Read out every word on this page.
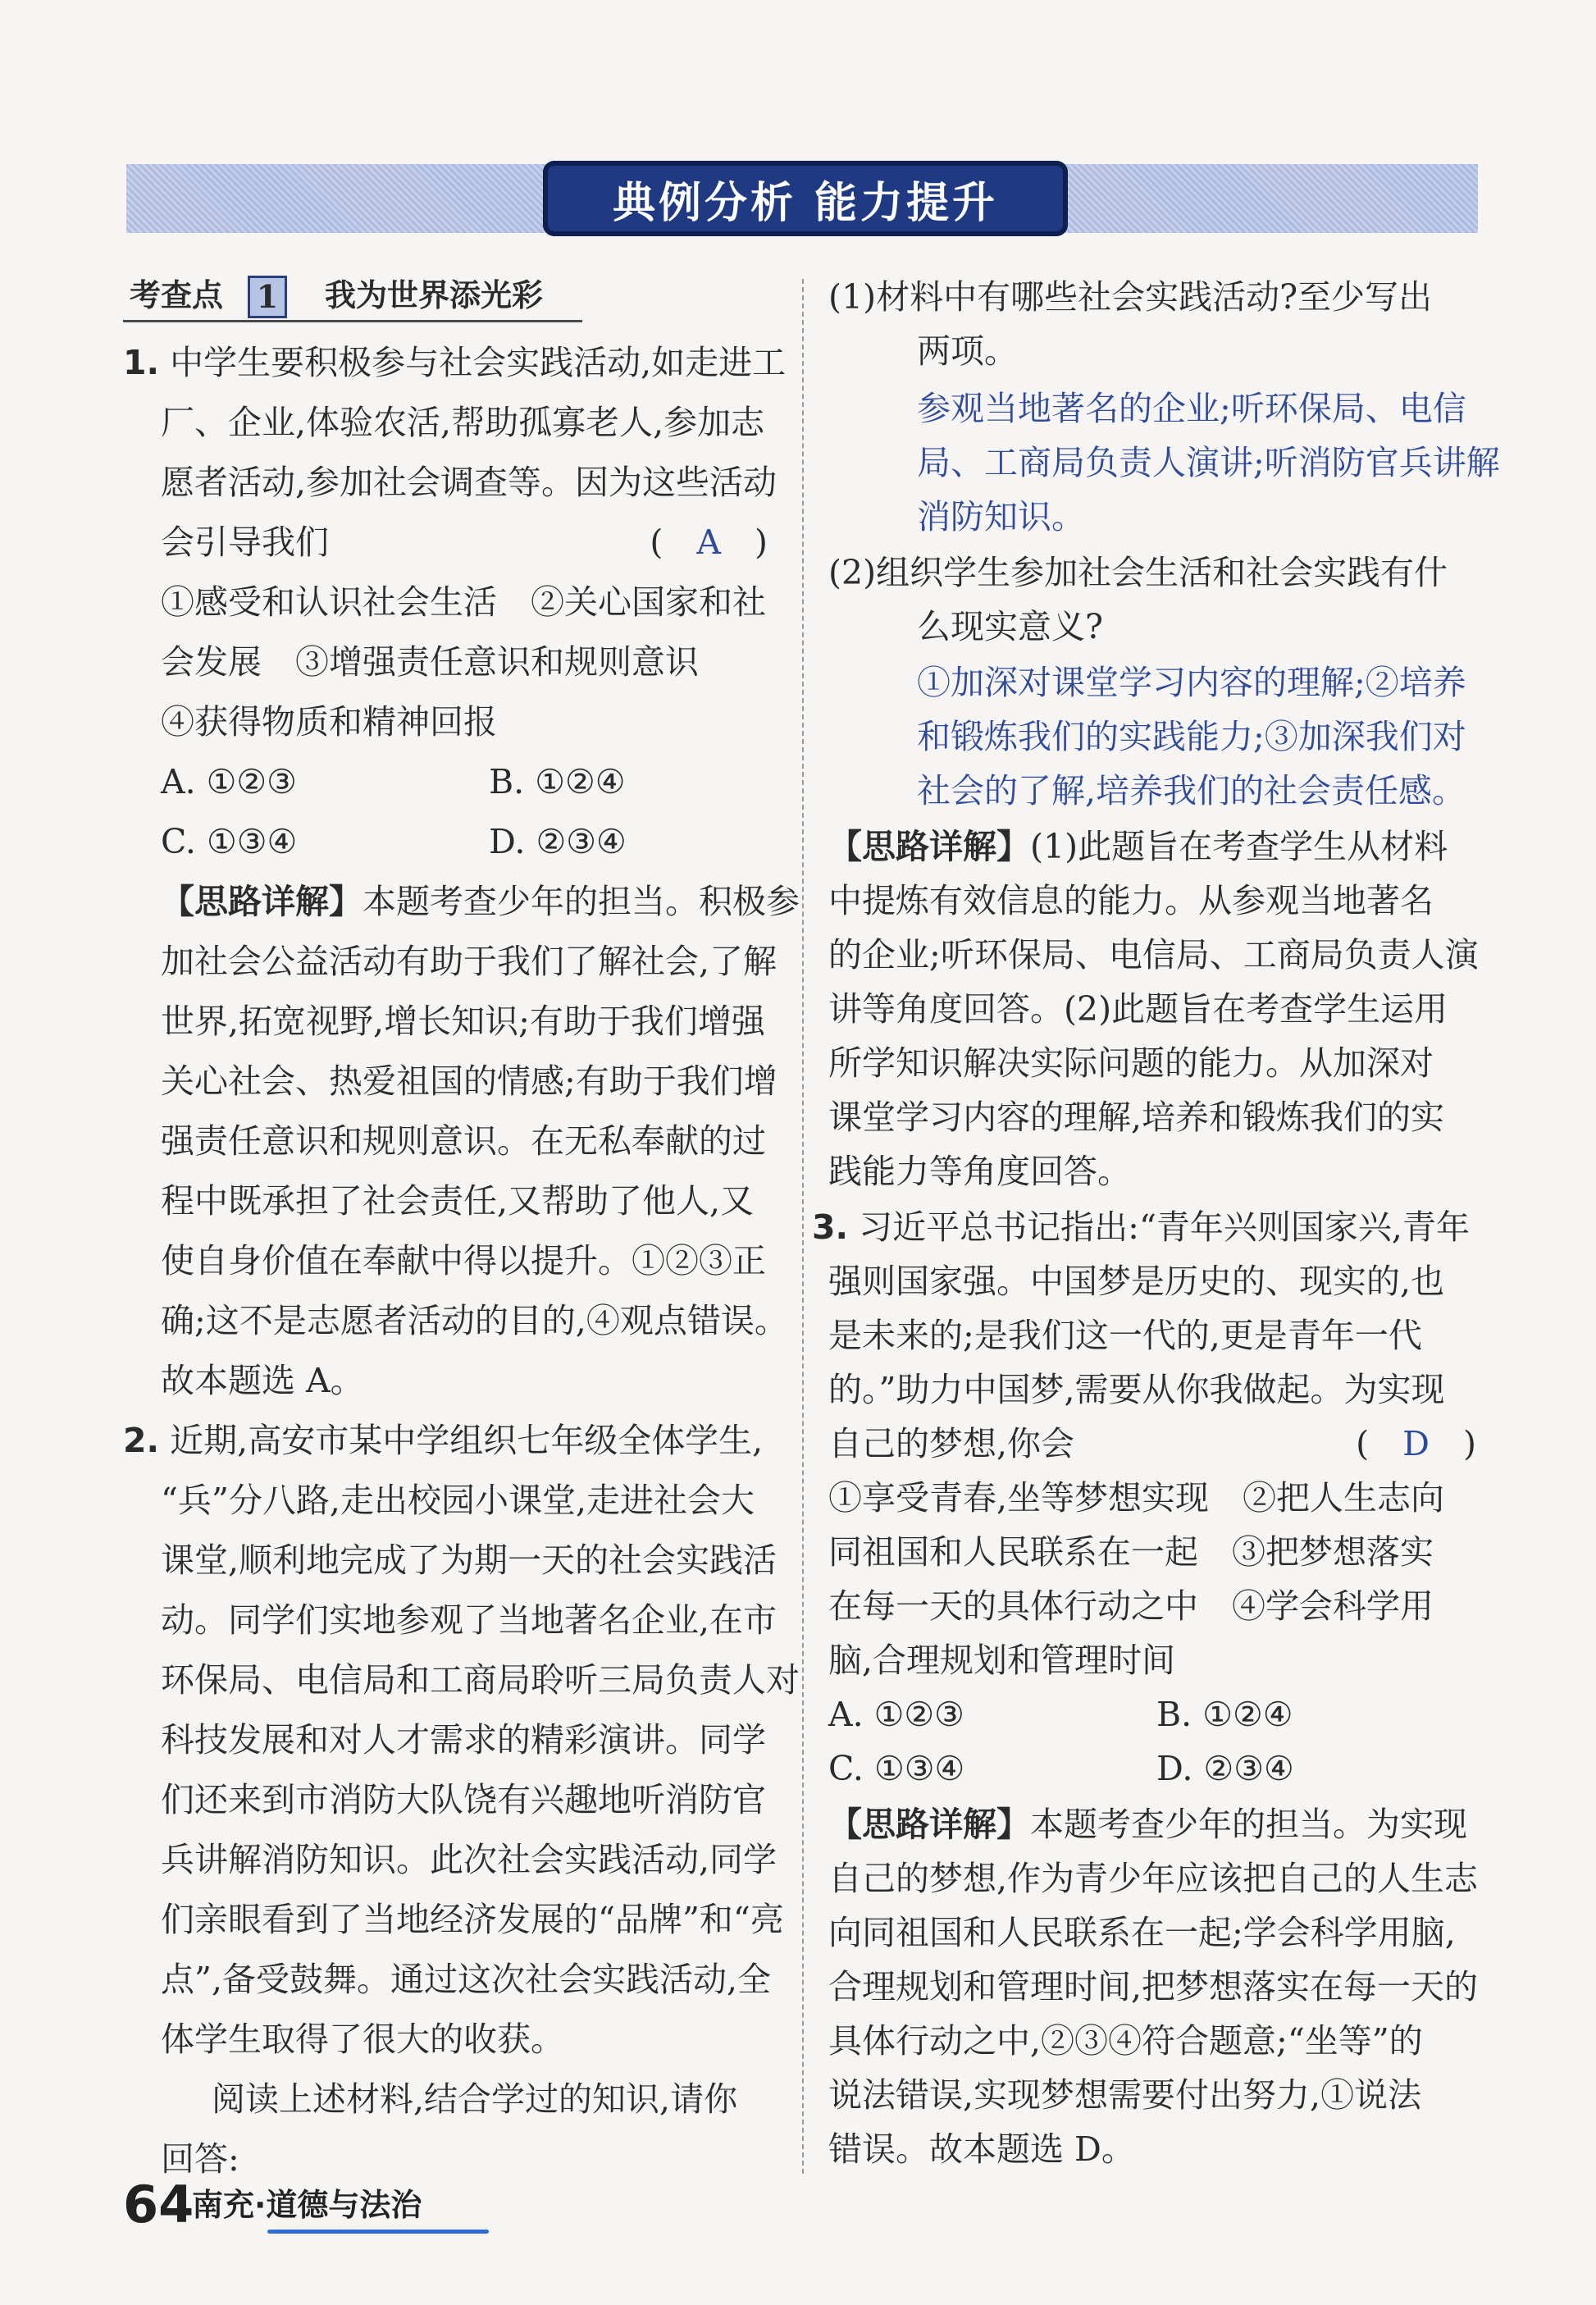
典例分析 能力提升
考查点 1 我为世界添光彩
1. 中学生要积极参与社会实践活动,如走进工
厂、企业,体验农活,帮助孤寡老人,参加志
愿者活动,参加社会调查等。因为这些活动
会引导我们	(　 A　 )
①感受和认识社会生活　②关心国家和社
会发展　③增强责任意识和规则意识
④获得物质和精神回报
A. ①②③	B. ①②④
C. ①③④	D. ②③④
【思路详解】本题考查少年的担当。积极参
加社会公益活动有助于我们了解社会,了解
世界,拓宽视野,增长知识;有助于我们增强
关心社会、热爱祖国的情感;有助于我们增
强责任意识和规则意识。在无私奉献的过
程中既承担了社会责任,又帮助了他人,又
使自身价值在奉献中得以提升。①②③正
确;这不是志愿者活动的目的,④观点错误。
故本题选 A。
2. 近期,高安市某中学组织七年级全体学生,
“兵”分八路,走出校园小课堂,走进社会大
课堂,顺利地完成了为期一天的社会实践活
动。同学们实地参观了当地著名企业,在市
环保局、电信局和工商局聆听三局负责人对
科技发展和对人才需求的精彩演讲。同学
们还来到市消防大队饶有兴趣地听消防官
兵讲解消防知识。此次社会实践活动,同学
们亲眼看到了当地经济发展的“品牌”和“亮
点”,备受鼓舞。通过这次社会实践活动,全
体学生取得了很大的收获。
阅读上述材料,结合学过的知识,请你
回答:
(1)材料中有哪些社会实践活动?至少写出
两项。
参观当地著名的企业;听环保局、电信
局、工商局负责人演讲;听消防官兵讲解
消防知识。
(2)组织学生参加社会生活和社会实践有什
么现实意义?
①加深对课堂学习内容的理解;②培养
和锻炼我们的实践能力;③加深我们对
社会的了解,培养我们的社会责任感。
【思路详解】(1)此题旨在考查学生从材料
中提炼有效信息的能力。从参观当地著名
的企业;听环保局、电信局、工商局负责人演
讲等角度回答。(2)此题旨在考查学生运用
所学知识解决实际问题的能力。从加深对
课堂学习内容的理解,培养和锻炼我们的实
践能力等角度回答。
3. 习近平总书记指出:“青年兴则国家兴,青年
强则国家强。中国梦是历史的、现实的,也
是未来的;是我们这一代的,更是青年一代
的。”助力中国梦,需要从你我做起。为实现
自己的梦想,你会	(　 D　 )
①享受青春,坐等梦想实现　②把人生志向
同祖国和人民联系在一起　③把梦想落实
在每一天的具体行动之中　④学会科学用
脑,合理规划和管理时间
A. ①②③	B. ①②④
C. ①③④	D. ②③④
【思路详解】本题考查少年的担当。为实现
自己的梦想,作为青少年应该把自己的人生志
向同祖国和人民联系在一起;学会科学用脑,
合理规划和管理时间,把梦想落实在每一天的
具体行动之中,②③④符合题意;“坐等”的
说法错误,实现梦想需要付出努力,①说法
错误。故本题选 D。
64
南充·道德与法治
